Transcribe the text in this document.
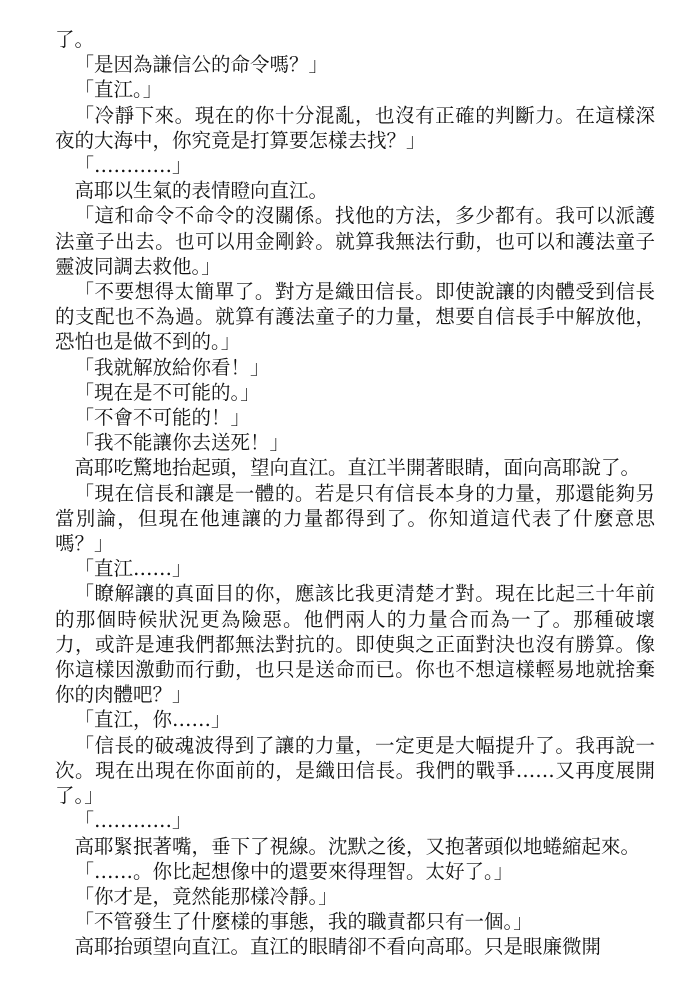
了。

「是因為謙信公的命令嗎？」

「直江。」

「冷靜下來。現在的你十分混亂，也沒有正確的判斷力。在這樣深夜的大海中，你究竟是打算要怎樣去找？」

「…………」

高耶以生氣的表情瞪向直江。

「這和命令不命令的沒關係。找他的方法，多少都有。我可以派護法童子出去。也可以用金剛鈴。就算我無法行動，也可以和護法童子靈波同調去救他。」

「不要想得太簡單了。對方是織田信長。即使說讓的肉體受到信長的支配也不為過。就算有護法童子的力量，想要自信長手中解放他，恐怕也是做不到的。」

「我就解放給你看！」

「現在是不可能的。」

「不會不可能的！」

「我不能讓你去送死！」

高耶吃驚地抬起頭，望向直江。直江半開著眼睛，面向高耶說了。

「現在信長和讓是一體的。若是只有信長本身的力量，那還能夠另當別論，但現在他連讓的力量都得到了。你知道這代表了什麼意思嗎？」

「直江……」

「瞭解讓的真面目的你，應該比我更清楚才對。現在比起三十年前的那個時候狀況更為險惡。他們兩人的力量合而為一了。那種破壞力，或許是連我們都無法對抗的。即使與之正面對決也沒有勝算。像你這樣因激動而行動，也只是送命而已。你也不想這樣輕易地就捨棄你的肉體吧？」

「直江，你……」

「信長的破魂波得到了讓的力量，一定更是大幅提升了。我再說一次。現在出現在你面前的，是織田信長。我們的戰爭……又再度展開了。」

「…………」

高耶緊抿著嘴，垂下了視線。沈默之後，又抱著頭似地蜷縮起來。

「……。你比起想像中的還要來得理智。太好了。」

「你才是，竟然能那樣冷靜。」

「不管發生了什麼樣的事態，我的職責都只有一個。」

高耶抬頭望向直江。直江的眼睛卻不看向高耶。只是眼廉微開
